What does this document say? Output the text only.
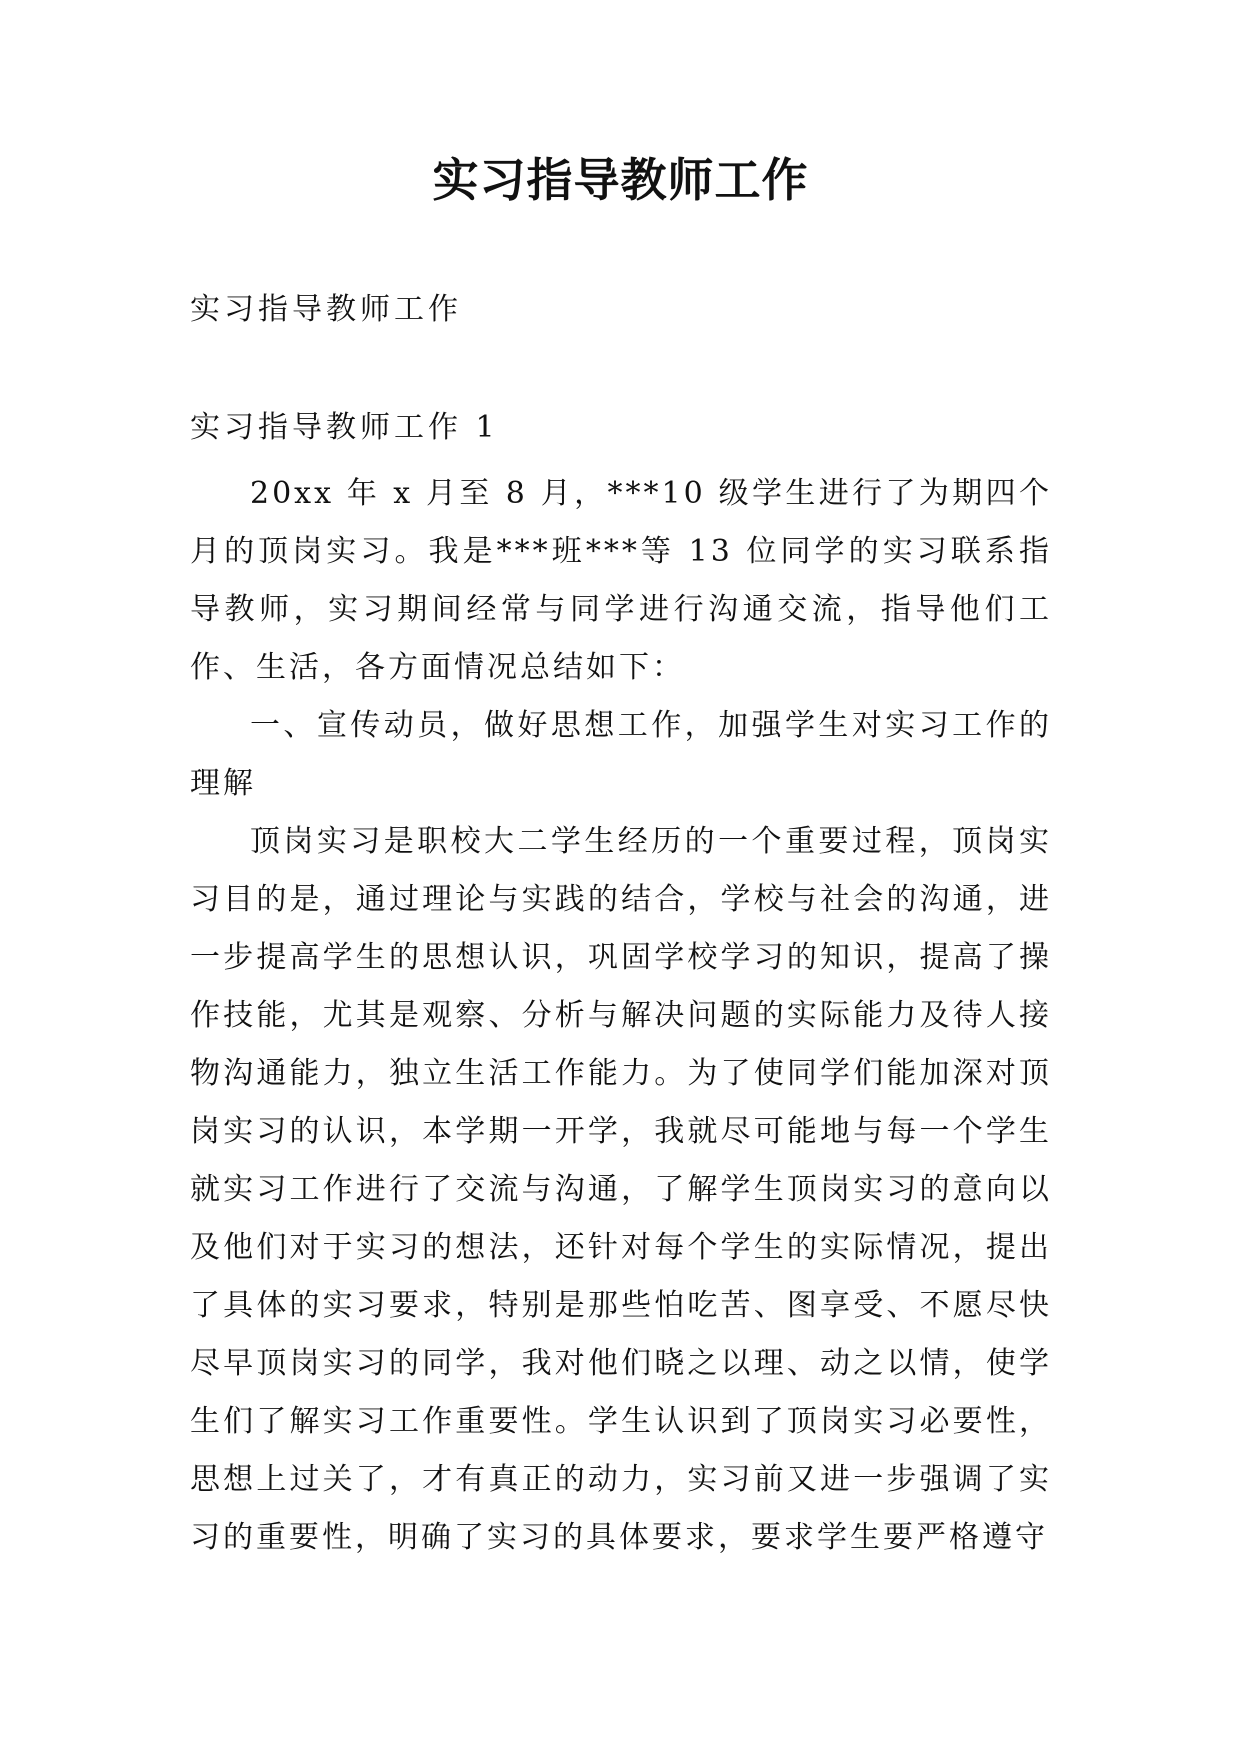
实习指导教师工作
实习指导教师工作
实习指导教师工作 1

20xx 年 x 月至 8 月，***10 级学生进行了为期四个月的顶岗实习。我是***班***等 13 位同学的实习联系指导教师，实习期间经常与同学进行沟通交流，指导他们工作、生活，各方面情况总结如下：

一、宣传动员，做好思想工作，加强学生对实习工作的理解

顶岗实习是职校大二学生经历的一个重要过程，顶岗实习目的是，通过理论与实践的结合，学校与社会的沟通，进一步提高学生的思想认识，巩固学校学习的知识，提高了操作技能，尤其是观察、分析与解决问题的实际能力及待人接物沟通能力，独立生活工作能力。为了使同学们能加深对顶岗实习的认识，本学期一开学，我就尽可能地与每一个学生就实习工作进行了交流与沟通，了解学生顶岗实习的意向以及他们对于实习的想法，还针对每个学生的实际情况，提出了具体的实习要求，特别是那些怕吃苦、图享受、不愿尽快尽早顶岗实习的同学，我对他们晓之以理、动之以情，使学生们了解实习工作重要性。学生认识到了顶岗实习必要性，思想上过关了，才有真正的动力，实习前又进一步强调了实习的重要性，明确了实习的具体要求，要求学生要严格遵守
